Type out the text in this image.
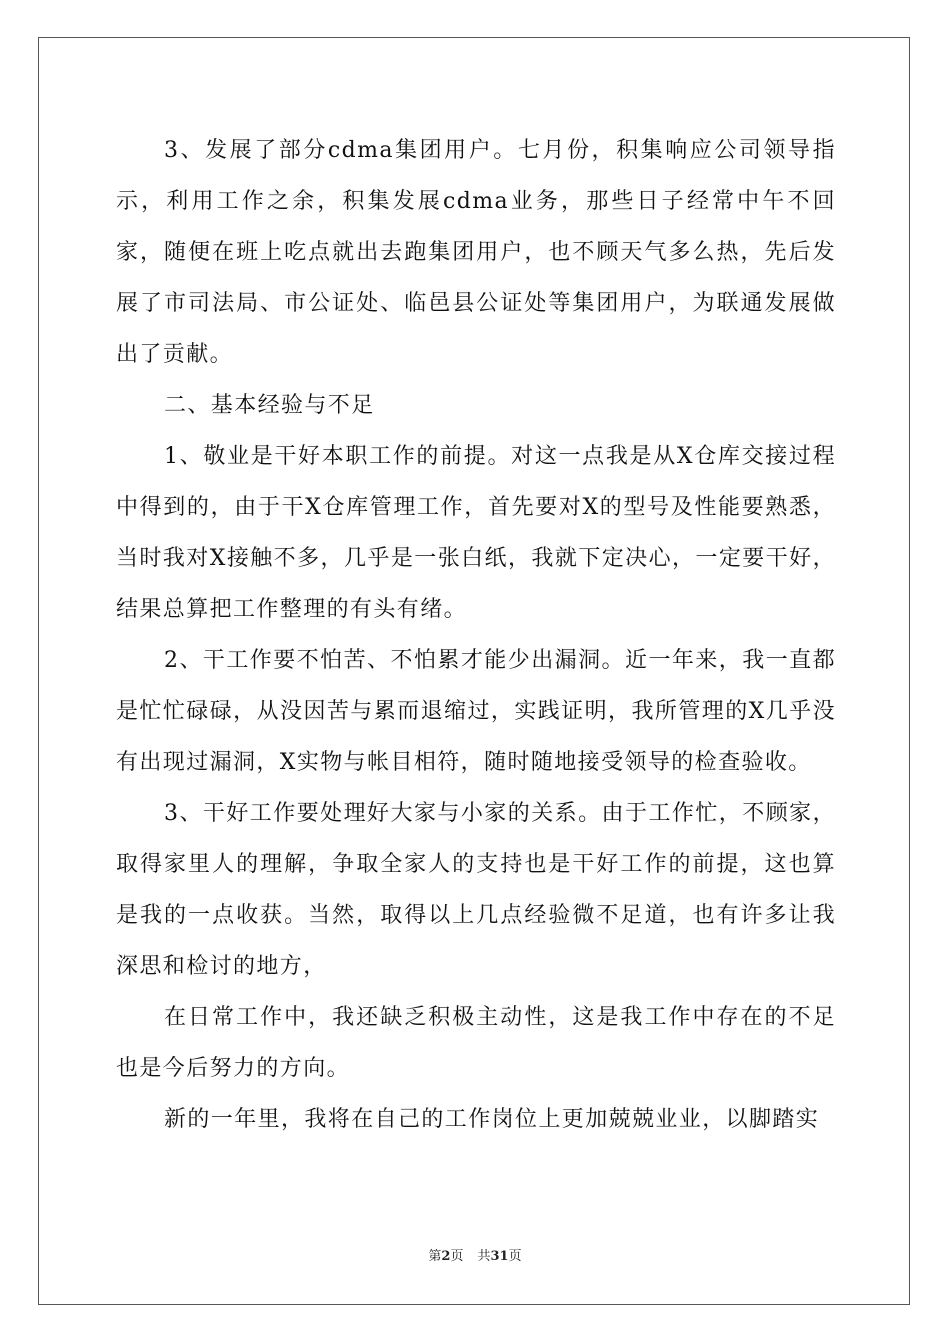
3、发展了部分cdma集团用户。七月份，积集响应公司领导指示，利用工作之余，积集发展cdma业务，那些日子经常中午不回家，随便在班上吃点就出去跑集团用户，也不顾天气多么热，先后发展了市司法局、市公证处、临邑县公证处等集团用户，为联通发展做出了贡献。

二、基本经验与不足

1、敬业是干好本职工作的前提。对这一点我是从X仓库交接过程中得到的，由于干X仓库管理工作，首先要对X的型号及性能要熟悉，当时我对X接触不多，几乎是一张白纸，我就下定决心，一定要干好，结果总算把工作整理的有头有绪。

2、干工作要不怕苦、不怕累才能少出漏洞。近一年来，我一直都是忙忙碌碌，从没因苦与累而退缩过，实践证明，我所管理的X几乎没有出现过漏洞，X实物与帐目相符，随时随地接受领导的检查验收。

3、干好工作要处理好大家与小家的关系。由于工作忙，不顾家，取得家里人的理解，争取全家人的支持也是干好工作的前提，这也算是我的一点收获。当然，取得以上几点经验微不足道，也有许多让我深思和检讨的地方，

在日常工作中，我还缺乏积极主动性，这是我工作中存在的不足也是今后努力的方向。

新的一年里，我将在自己的工作岗位上更加兢兢业业，以脚踏实

第2页 共31页
